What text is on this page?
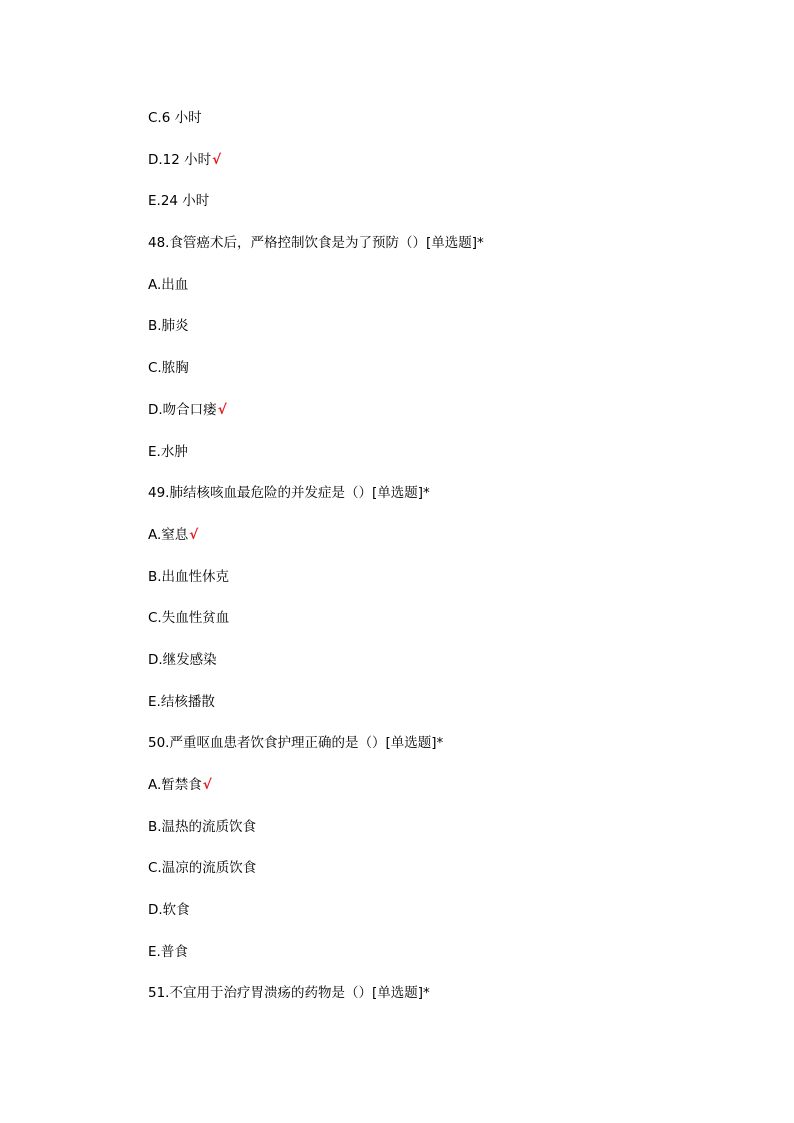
C.6 小时
D.12 小时√
E.24 小时
48.食管癌术后，严格控制饮食是为了预防（）[单选题]*
A.出血
B.肺炎
C.脓胸
D.吻合口瘘√
E.水肿
49.肺结核咳血最危险的并发症是（）[单选题]*
A.窒息√
B.出血性休克
C.失血性贫血
D.继发感染
E.结核播散
50.严重呕血患者饮食护理正确的是（）[单选题]*
A.暂禁食√
B.温热的流质饮食
C.温凉的流质饮食
D.软食
E.普食
51.不宜用于治疗胃溃疡的药物是（）[单选题]*
